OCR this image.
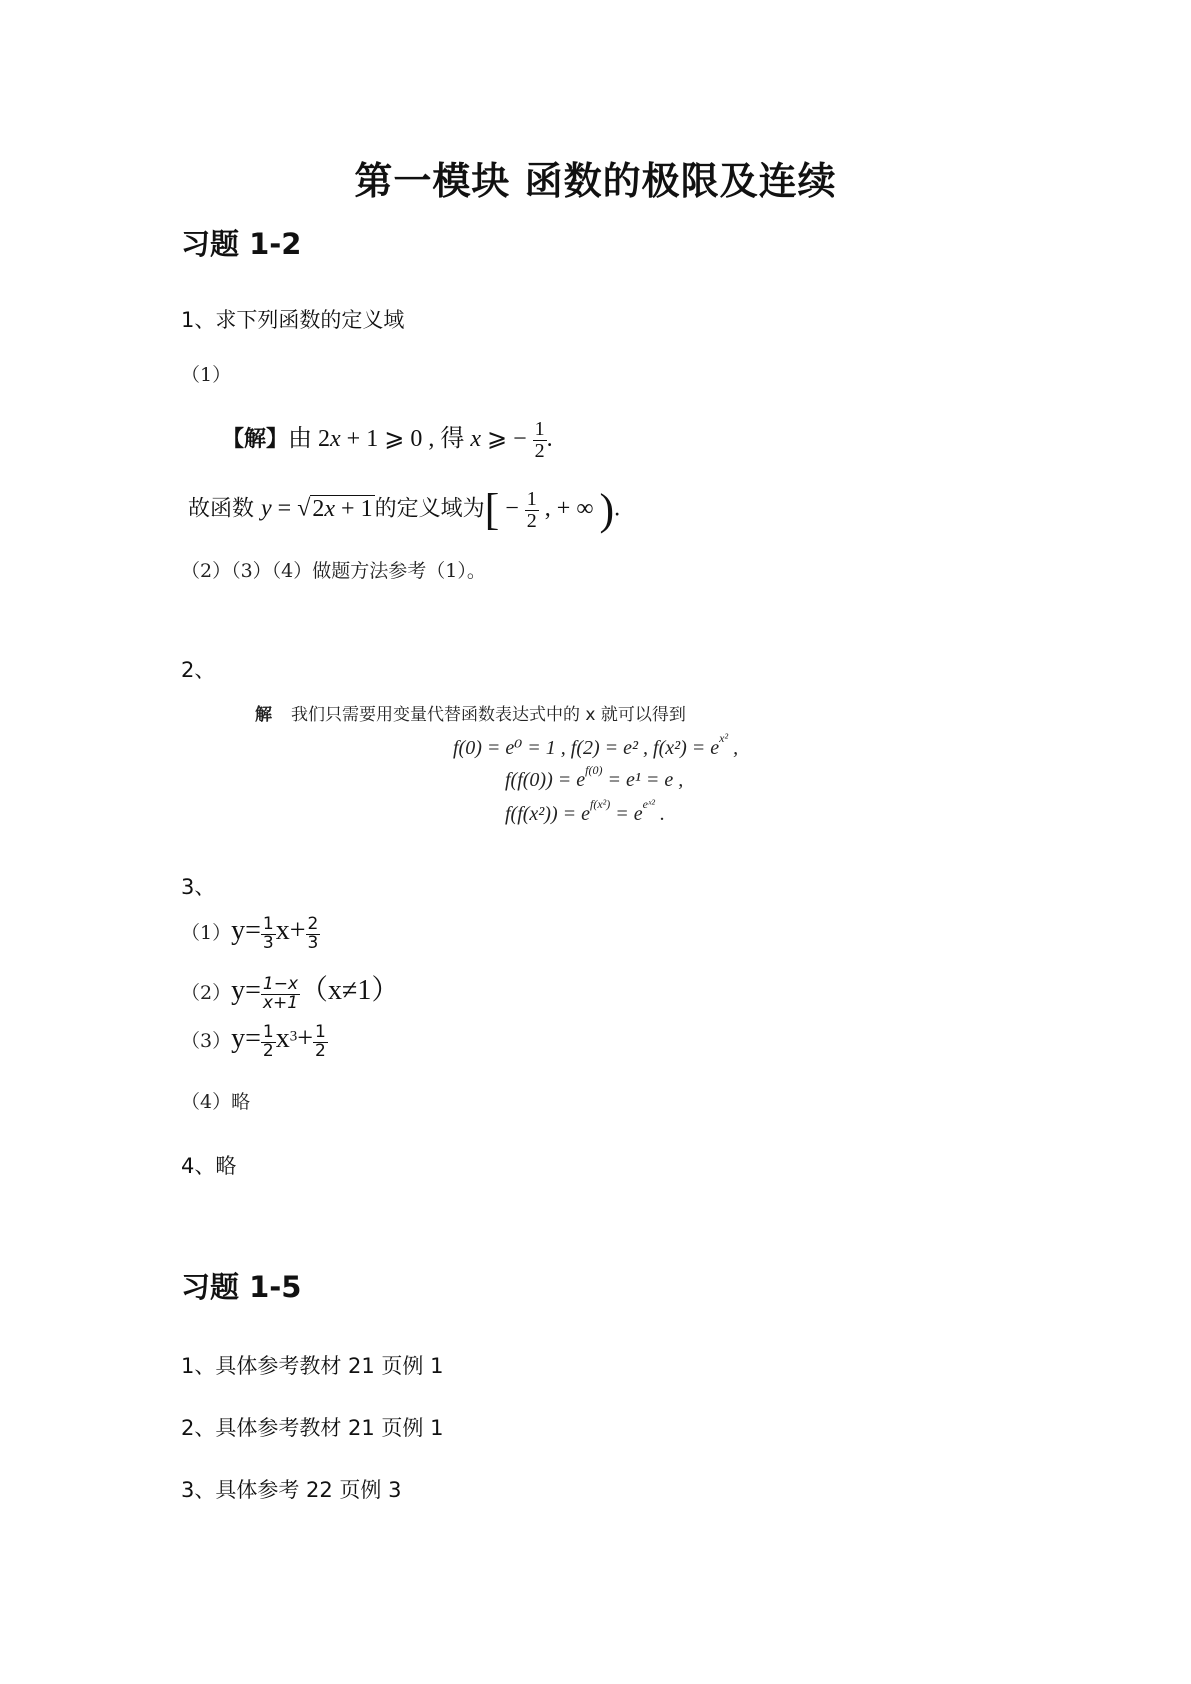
第一模块 函数的极限及连续
习题 1-2
1、求下列函数的定义域
（1）
【解】由 2x + 1 ⩾ 0 , 得 x ⩾ − $\frac{1}{2}$ .
故函数 y = √2x + 1的定义域为[ − $\frac{1}{2}$ , + ∞ ).
（2）（3）（4）做题方法参考（1）。
2、
解 我们只需要用变量代替函数表达式中的 x 就可以得到
f(0) = e⁰ = 1 , f(2) = e² , $f(x^2) = e^{x^2}$ ,
$f(f(0)) = e^{f(0)} = e^1 = e$ ,
$f(f(x^2)) = e^{f(x^2)} = e^{eˣ^2}$ .
3、
$(1)y= \frac{1}{3} x+ \frac{2}{3}$
$(2)y= \frac{1-x}{x+1} (x\ne 1)$
$(3)y= \frac{1}{2} x^3+ \frac{1}{2}$
（4）略
4、略
习题 1-5
1、具体参考教材 21 页例 1
2、具体参考教材 21 页例 1
3、具体参考 22 页例 3
